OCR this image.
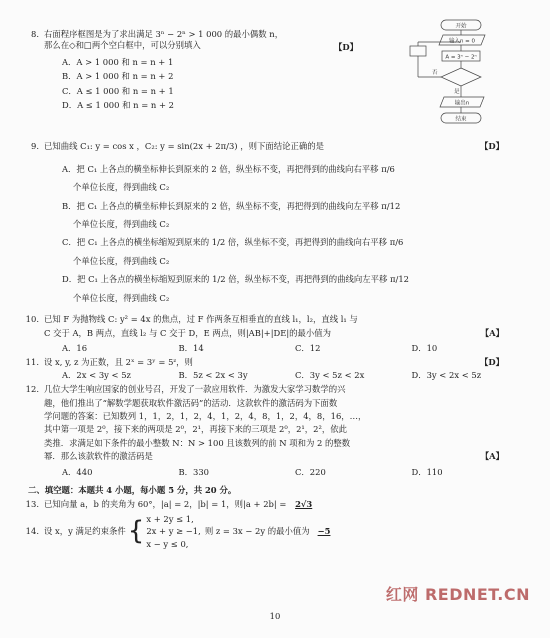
8. 右面程序框图是为了求出满足 3ⁿ − 2ⁿ > 1 000 的最小偶数 n，
那么在◇和□两个空白框中，可以分别填入	【D】
A．A > 1 000 和 n = n + 1
B．A > 1 000 和 n = n + 2
C．A ≤ 1 000 和 n = n + 1
D．A ≤ 1 000 和 n = n + 2
开始
输入n = 0
A = 3ⁿ − 2ⁿ
是
否
输出n
结束
9. 已知曲线 C₁: y = cos x ，C₂: y = sin(2x + 2π/3) ，则下面结论正确的是	【D】
A．把 C₁ 上各点的横坐标伸长到原来的 2 倍，纵坐标不变，再把得到的曲线向右平移 π/6
个单位长度，得到曲线 C₂
B．把 C₁ 上各点的横坐标伸长到原来的 2 倍，纵坐标不变，再把得到的曲线向左平移 π/12
个单位长度，得到曲线 C₂
C．把 C₁ 上各点的横坐标缩短到原来的 1/2 倍，纵坐标不变，再把得到的曲线向右平移 π/6
个单位长度，得到曲线 C₂
D．把 C₁ 上各点的横坐标缩短到原来的 1/2 倍，纵坐标不变，再把得到的曲线向左平移 π/12
个单位长度，得到曲线 C₂
10. 已知 F 为抛物线 C: y² = 4x 的焦点，过 F 作两条互相垂直的直线 l₁，l₂，直线 l₁ 与
C 交于 A，B 两点，直线 l₂ 与 C 交于 D，E 两点，则|AB|+|DE|的最小值为	【A】
A．16	B．14	C．12	D．10
11. 设 x, y, z 为正数，且 2ˣ = 3ʸ = 5ᶻ，则	【D】
A．2x < 3y < 5z	B．5z < 2x < 3y	C．3y < 5z < 2x	D．3y < 2x < 5z
12. 几位大学生响应国家的创业号召，开发了一款应用软件．为激发大家学习数学的兴
趣，他们推出了“解数学题获取软件激活码”的活动．这款软件的激活码为下面数
学问题的答案：已知数列 1，1，2，1，2，4，1，2，4，8，1，2，4，8，16，…，
其中第一项是 2⁰，接下来的两项是 2⁰，2¹，再接下来的三项是 2⁰，2¹，2²，依此
类推．求满足如下条件的最小整数 N：N > 100 且该数列的前 N 项和为 2 的整数
幂．那么该款软件的激活码是	【A】
A．440	B．330	C．220	D．110
二、填空题：本题共 4 小题，每小题 5 分，共 20 分。
13. 已知向量 a，b 的夹角为 60°，|a| = 2，|b| = 1，则|a + 2b| = 2√3
14. 设 x，y 满足约束条件 { x + 2y ≤ 1,
2x + y ≥ −1,
x − y ≤ 0,
则 z = 3x − 2y 的最小值为 −5
10
红网 REDNET.CN
